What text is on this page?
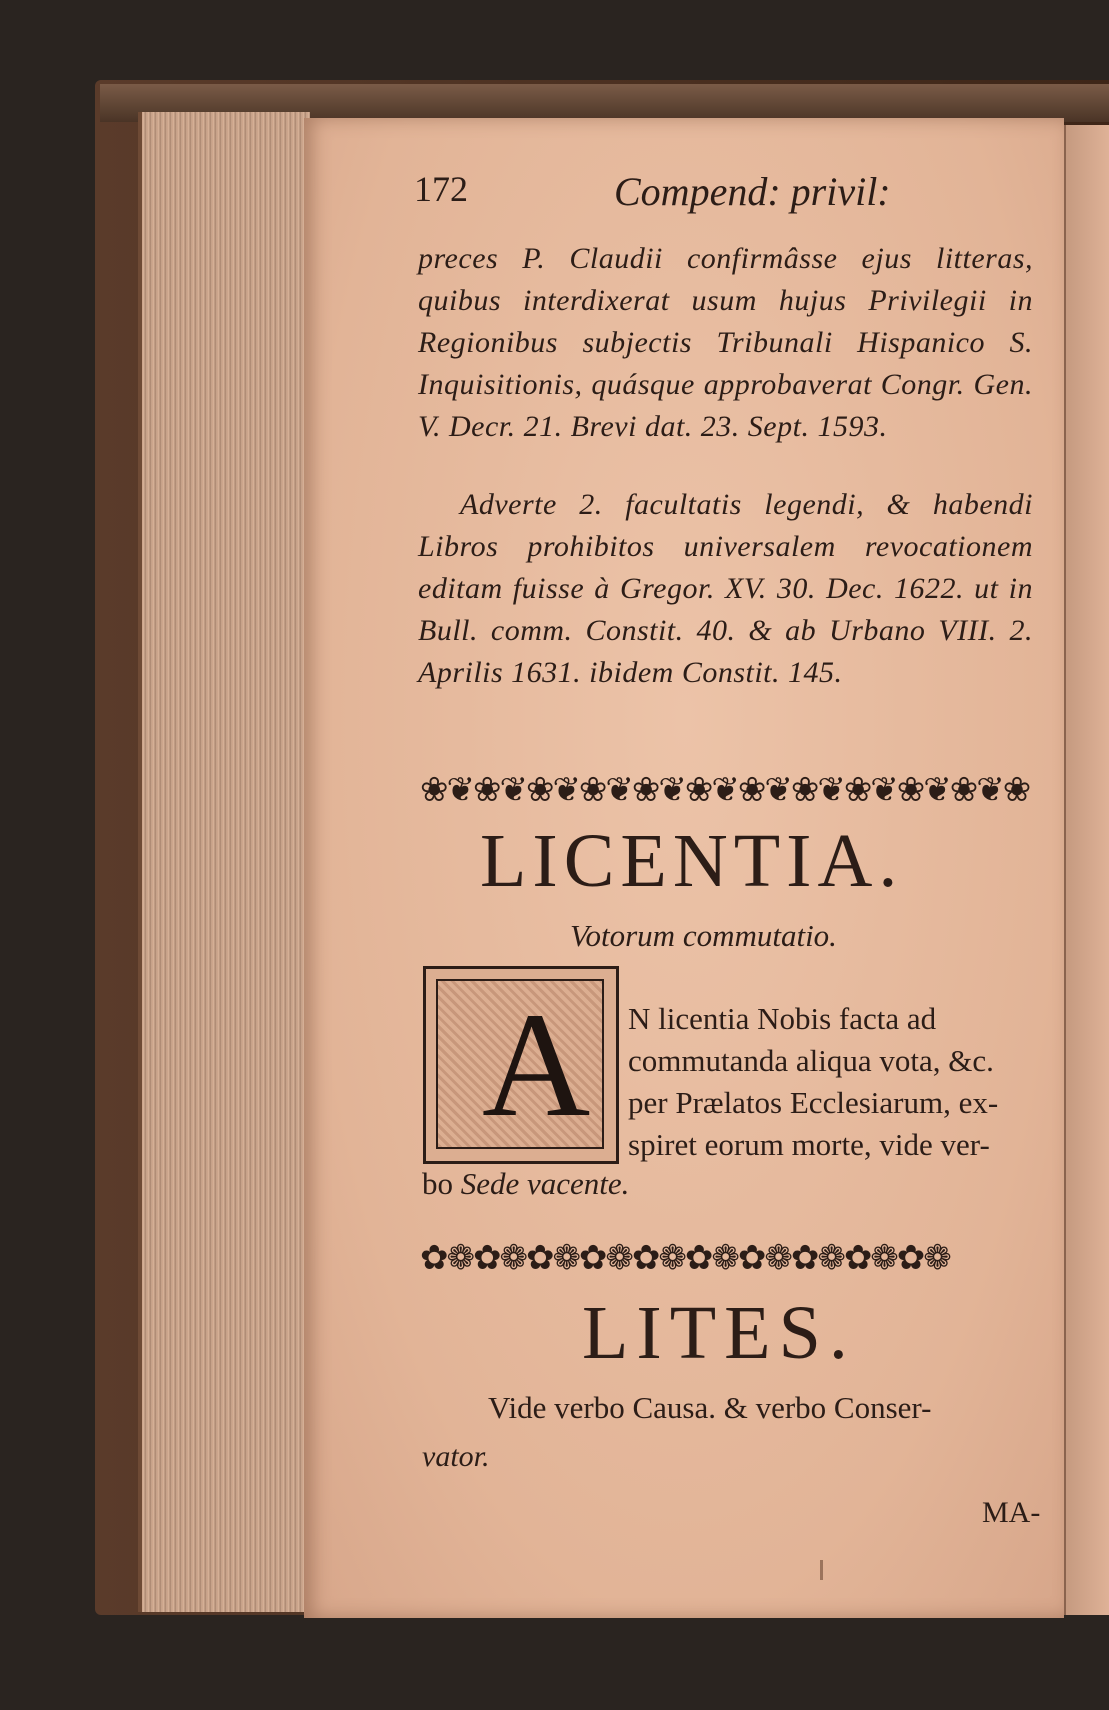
172	Compend: privil:
preces P. Claudii confirmâsse ejus litteras, quibus interdixerat usum hujus Privilegii in Regionibus subjectis Tribunali Hispanico S. Inquisitionis, quásque approbaverat Congr. Gen. V. Decr. 21. Brevi dat. 23. Sept. 1593.
Adverte 2. facultatis legendi, & habendi Libros prohibitos universalem revocationem editam fuisse à Gregor. XV. 30. Dec. 1622. ut in Bull. comm. Constit. 40. & ab Urbano VIII. 2. Aprilis 1631. ibidem Constit. 145.
❀❦❀❦❀❦❀❦❀❦❀❦❀❦❀❦❀❦❀❦❀❦❀
LICENTIA.
Votorum commutatio.
A N licentia Nobis facta ad
commutanda aliqua vota, &c.
per Prælatos Ecclesiarum, ex-
spiret eorum morte, vide ver-
bo Sede vacente.
✿❁✿❁✿❁✿❁✿❁✿❁✿❁✿❁✿❁✿❁
LITES.
Vide verbo Causa. & verbo Conser-
vator.
MA-
